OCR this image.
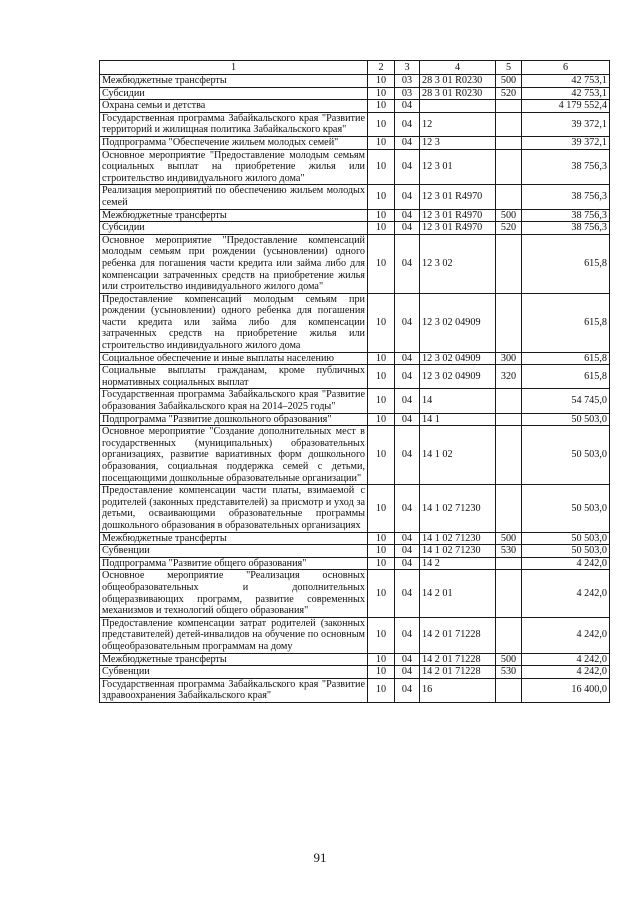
1	2	3	4	5	6
Межбюджетные трансферты	10	03	28 3 01 R0230	500	42 753,1
Субсидии	10	03	28 3 01 R0230	520	42 753,1
Охрана семьи и детства	10	04			4 179 552,4
Государственная программа Забайкальского края "Развитие территорий и жилищная политика Забайкальского края"	10	04	12		39 372,1
Подпрограмма "Обеспечение жильем молодых семей"	10	04	12 3		39 372,1
Основное мероприятие "Предоставление молодым семьям социальных выплат на приобретение жилья или строительство индивидуального жилого дома"	10	04	12 3 01		38 756,3
Реализация мероприятий по обеспечению жильем молодых семей	10	04	12 3 01 R4970		38 756,3
Межбюджетные трансферты	10	04	12 3 01 R4970	500	38 756,3
Субсидии	10	04	12 3 01 R4970	520	38 756,3
Основное мероприятие "Предоставление компенсаций молодым семьям при рождении (усыновлении) одного ребенка для погашения части кредита или займа либо для компенсации затраченных средств на приобретение жилья или строительство индивидуального жилого дома"	10	04	12 3 02		615,8
Предоставление компенсаций молодым семьям при рождении (усыновлении) одного ребенка для погашения части кредита или займа либо для компенсации затраченных средств на приобретение жилья или строительство индивидуального жилого дома	10	04	12 3 02 04909		615,8
Социальное обеспечение и иные выплаты населению	10	04	12 3 02 04909	300	615,8
Социальные выплаты гражданам, кроме публичных нормативных социальных выплат	10	04	12 3 02 04909	320	615,8
Государственная программа Забайкальского края "Развитие образования Забайкальского края на 2014–2025 годы"	10	04	14		54 745,0
Подпрограмма "Развитие дошкольного образования"	10	04	14 1		50 503,0
Основное мероприятие "Создание дополнительных мест в государственных (муниципальных) образовательных организациях, развитие вариативных форм дошкольного образования, социальная поддержка семей с детьми, посещающими дошкольные образовательные организации"	10	04	14 1 02		50 503,0
Предоставление компенсации части платы, взимаемой с родителей (законных представителей) за присмотр и уход за детьми, осваивающими образовательные программы дошкольного образования в образовательных организациях	10	04	14 1 02 71230		50 503,0
Межбюджетные трансферты	10	04	14 1 02 71230	500	50 503,0
Субвенции	10	04	14 1 02 71230	530	50 503,0
Подпрограмма "Развитие общего образования"	10	04	14 2		4 242,0
Основное мероприятие "Реализация основных общеобразовательных и дополнительных общеразвивающих программ, развитие современных механизмов и технологий общего образования"	10	04	14 2 01		4 242,0
Предоставление компенсации затрат родителей (законных представителей) детей-инвалидов на обучение по основным общеобразовательным программам на дому	10	04	14 2 01 71228		4 242,0
Межбюджетные трансферты	10	04	14 2 01 71228	500	4 242,0
Субвенции	10	04	14 2 01 71228	530	4 242,0
Государственная программа Забайкальского края "Развитие здравоохранения Забайкальского края"	10	04	16		16 400,0
91
